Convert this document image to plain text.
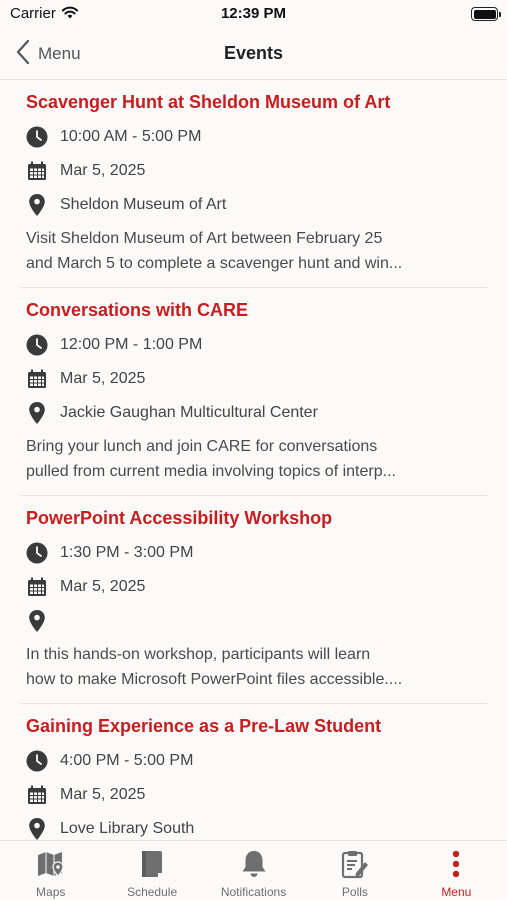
Carrier	12:39 PM
Menu	Events
Scavenger Hunt at Sheldon Museum of Art
10:00 AM - 5:00 PM
Mar 5, 2025
Sheldon Museum of Art
Visit Sheldon Museum of Art between February 25
and March 5 to complete a scavenger hunt and win...
Conversations with CARE
12:00 PM - 1:00 PM
Mar 5, 2025
Jackie Gaughan Multicultural Center
Bring your lunch and join CARE for conversations
pulled from current media involving topics of interp...
PowerPoint Accessibility Workshop
1:30 PM - 3:00 PM
Mar 5, 2025
In this hands-on workshop, participants will learn
how to make Microsoft PowerPoint files accessible....
Gaining Experience as a Pre-Law Student
4:00 PM - 5:00 PM
Mar 5, 2025
Love Library South
Maps	Schedule	Notifications	Polls	Menu
